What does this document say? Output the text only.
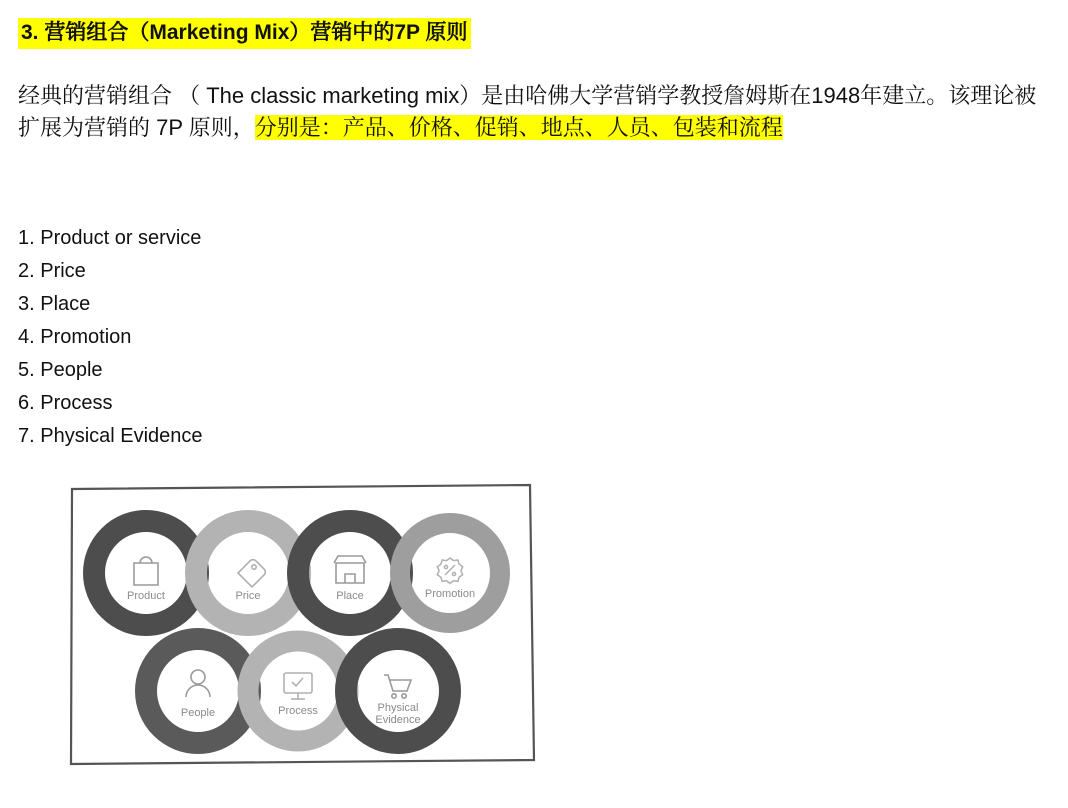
3. 营销组合（Marketing Mix）营销中的7P 原则
经典的营销组合 （ The classic marketing mix）是由哈佛大学营销学教授詹姆斯在1948年建立。该理论被扩展为营销的 7P 原则，分别是：产品、价格、促销、地点、人员、包装和流程
1. Product or service
2. Price
3. Place
4. Promotion
5. People
6. Process
7. Physical Evidence
Product	Price	Place	Promotion
People	Process	Physical
Evidence
